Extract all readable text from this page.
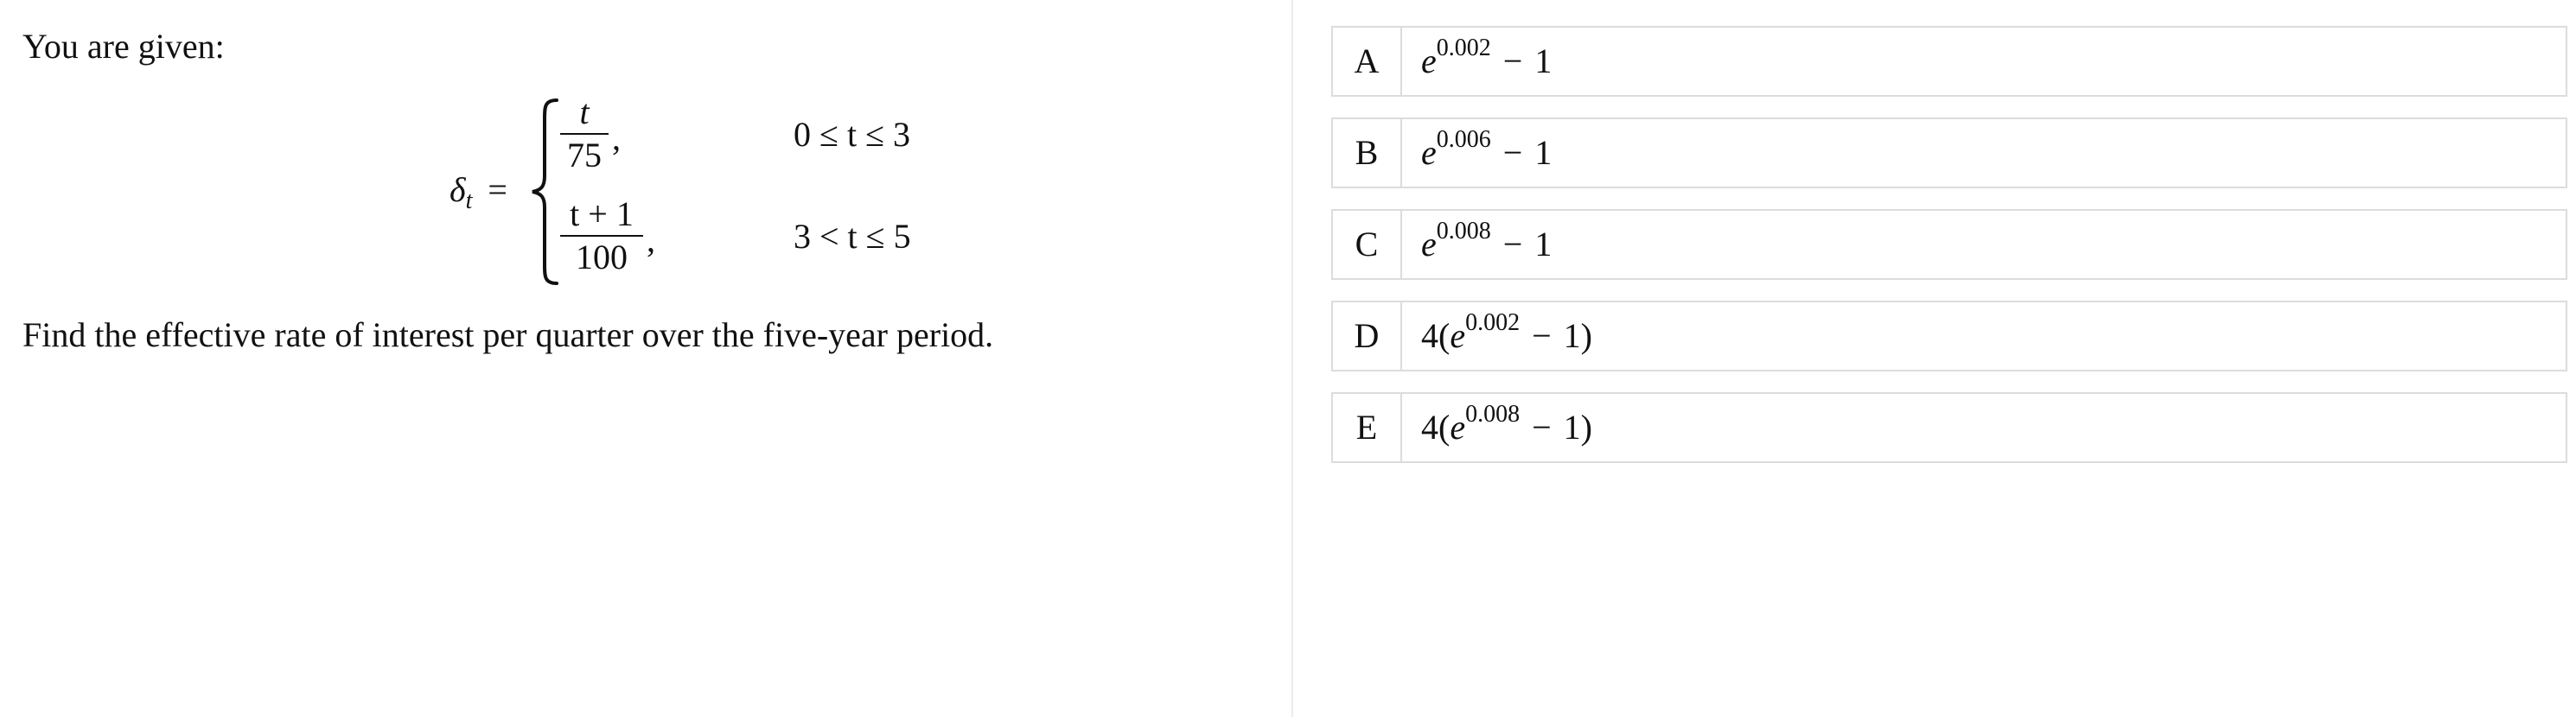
You are given:
$\delta_t$ =
t
75 ,	0 ≤ t ≤ 3
t + 1
100 ,	3 < t ≤ 5
Find the effective rate of interest per quarter over the five-year period.
A	$e^{0.002} - 1$
B	$e^{0.006} - 1$
C	$e^{0.008} - 1$
D	$4(e^{0.002} - 1)$
E	$4(e^{0.008} - 1)$
